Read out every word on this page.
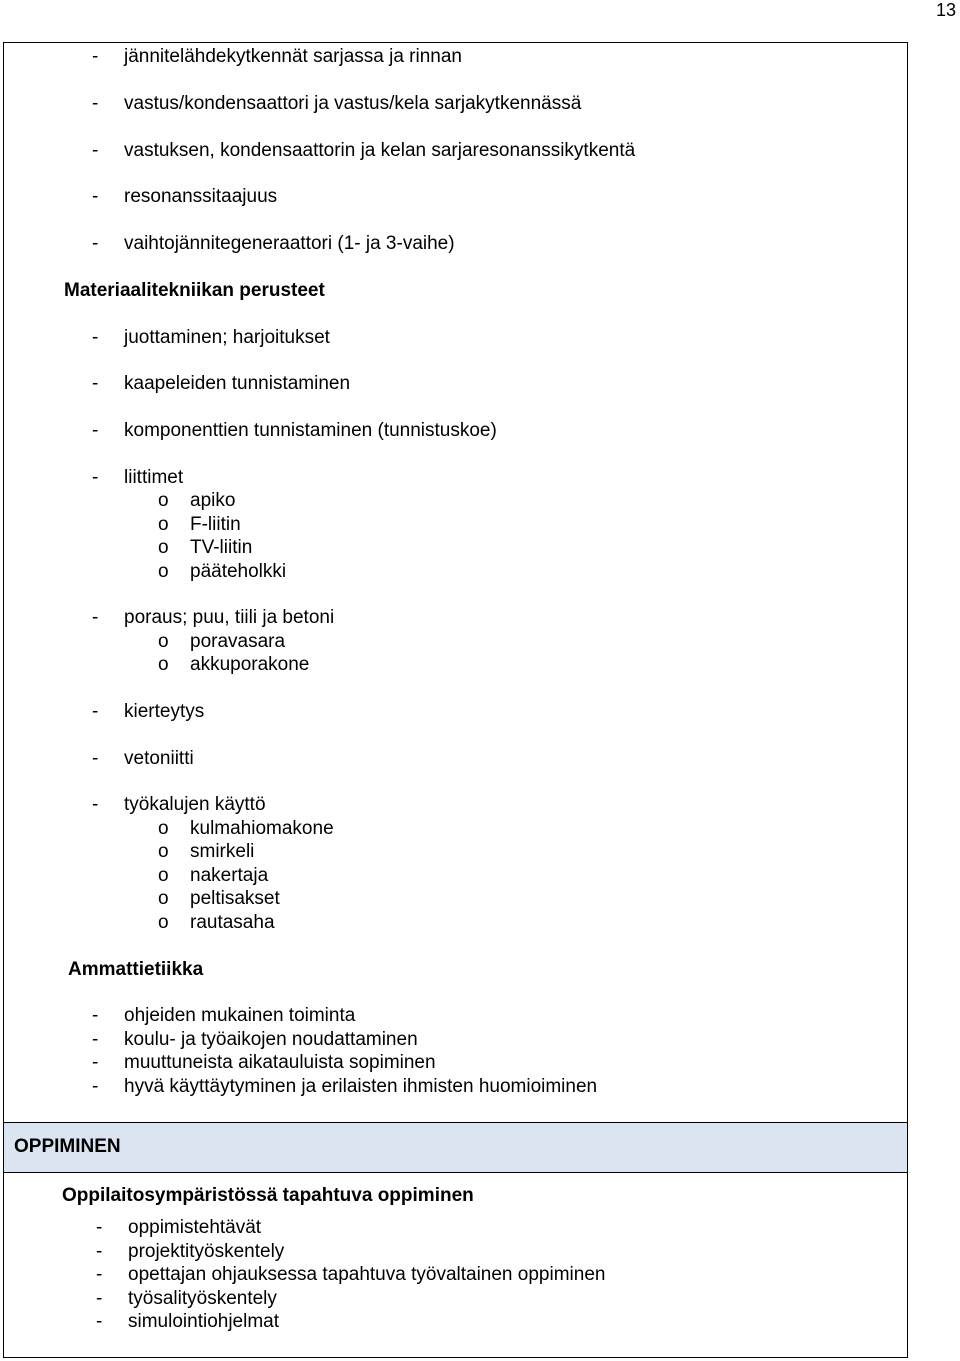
13
- jännitelähdekytkennät sarjassa ja rinnan
- vastus/kondensaattori ja vastus/kela sarjakytkennässä
- vastuksen, kondensaattorin ja kelan sarjaresonanssikytkentä
- resonanssitaajuus
- vaihtojännitegeneraattori (1- ja 3-vaihe)
Materiaalitekniikan perusteet
- juottaminen; harjoitukset
- kaapeleiden tunnistaminen
- komponenttien tunnistaminen (tunnistuskoe)
- liittimet
o apiko
o F-liitin
o TV-liitin
o pääteholkki
- poraus; puu, tiili ja betoni
o poravasara
o akkuporakone
- kierteytys
- vetoniitti
- työkalujen käyttö
o kulmahiomakone
o smirkeli
o nakertaja
o peltisakset
o rautasaha
Ammattietiikka
- ohjeiden mukainen toiminta
- koulu- ja työaikojen noudattaminen
- muuttuneista aikatauluista sopiminen
- hyvä käyttäytyminen ja erilaisten ihmisten huomioiminen
OPPIMINEN
Oppilaitosympäristössä tapahtuva oppiminen
- oppimistehtävät
- projektityöskentely
- opettajan ohjauksessa tapahtuva työvaltainen oppiminen
- työsalityöskentely
- simulointiohjelmat
